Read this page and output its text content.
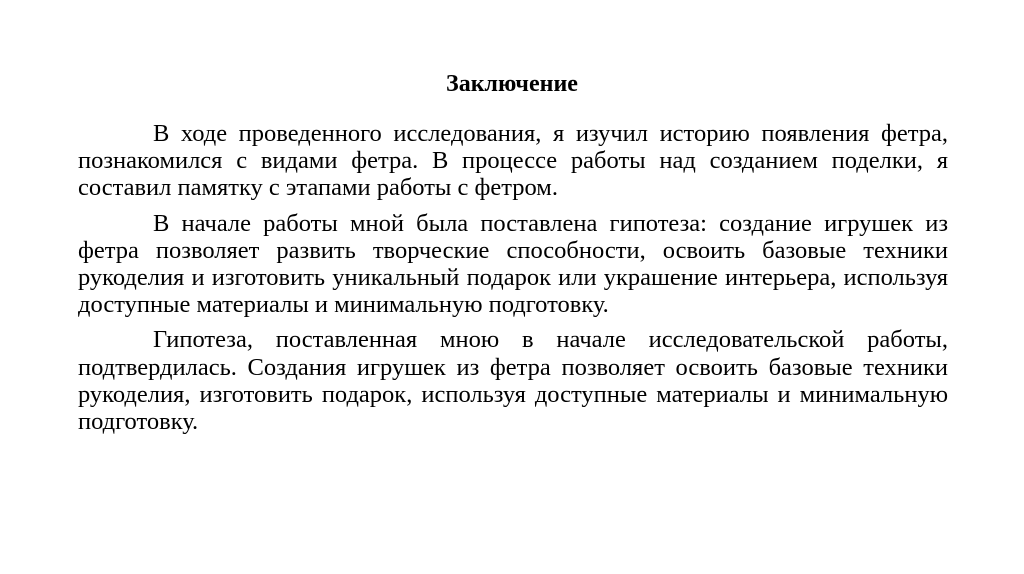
Заключение

В ходе проведенного исследования, я изучил историю появления фетра, познакомился с видами фетра. В процессе работы над созданием поделки, я составил памятку с этапами работы с фетром.

В начале работы мной была поставлена гипотеза: создание игрушек из фетра позволяет развить творческие способности, освоить базовые техники рукоделия и изготовить уникальный подарок или украшение интерьера, используя доступные материалы и минимальную подготовку.

Гипотеза, поставленная мною в начале исследовательской работы, подтвердилась. Создания игрушек из фетра позволяет освоить базовые техники рукоделия, изготовить подарок, используя доступные материалы и минимальную подготовку.
